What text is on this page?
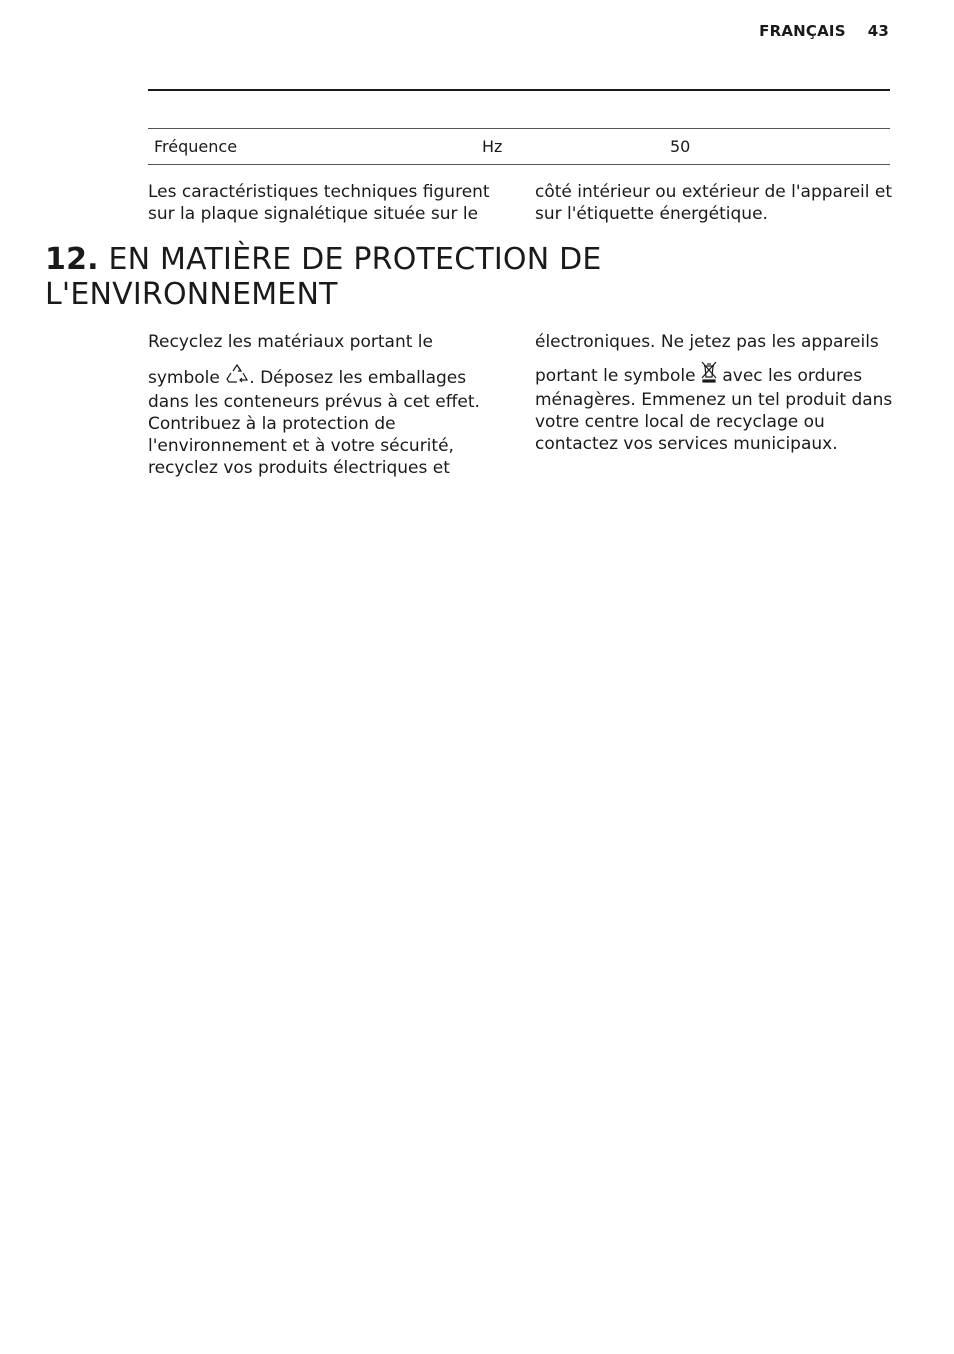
FRANÇAIS 43

Fréquence	Hz	50

Les caractéristiques techniques figurent sur la plaque signalétique située sur le

côté intérieur ou extérieur de l'appareil et sur l'étiquette énergétique.

12. EN MATIÈRE DE PROTECTION DE
L'ENVIRONNEMENT
Recyclez les matériaux portant le
symbole . Déposez les emballages dans les conteneurs prévus à cet effet. Contribuez à la protection de l'environnement et à votre sécurité, recyclez vos produits électriques et
électroniques. Ne jetez pas les appareils
portant le symbole  avec les ordures ménagères. Emmenez un tel produit dans votre centre local de recyclage ou contactez vos services municipaux.
